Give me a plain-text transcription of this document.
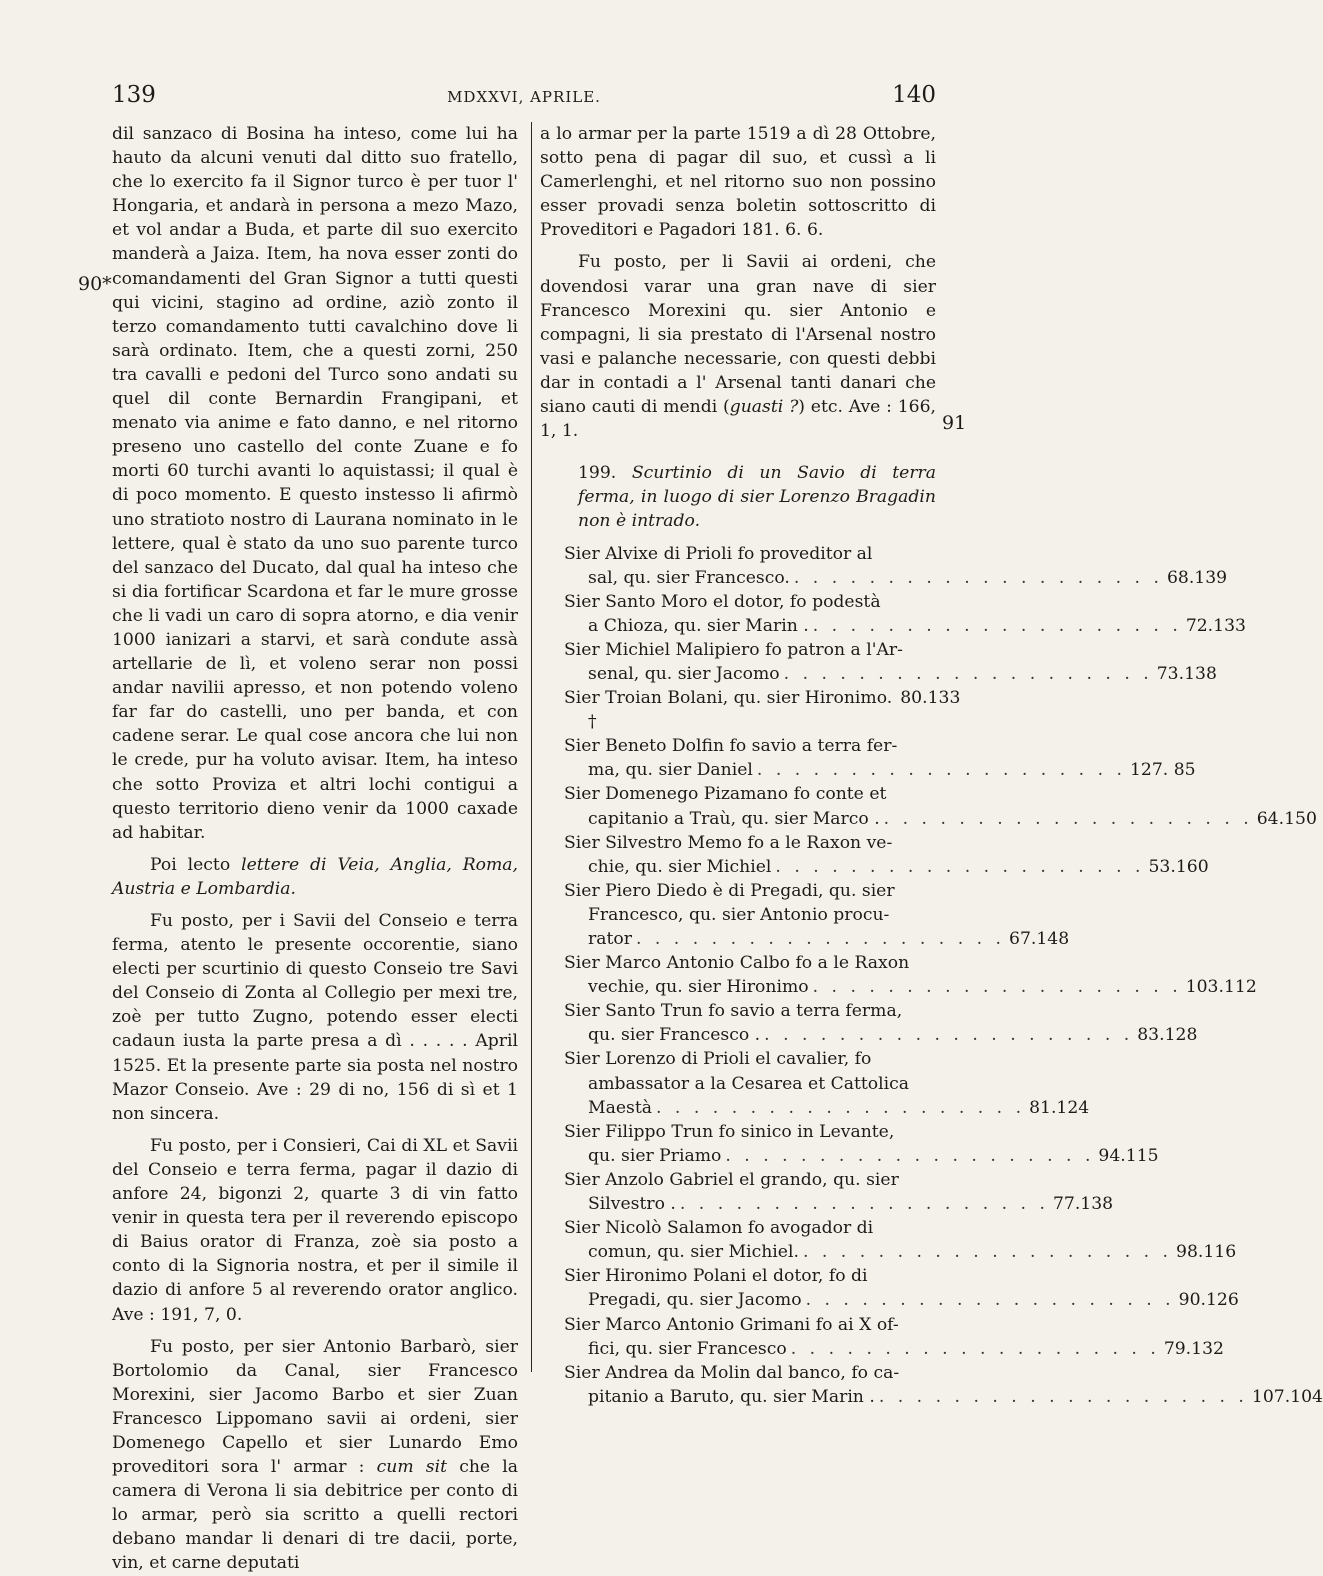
139	MDXXVI, APRILE.	140
90*
91

dil sanzaco di Bosina ha inteso, come lui ha hauto da alcuni venuti dal ditto suo fratello, che lo exercito fa il Signor turco è per tuor l' Hongaria, et andarà in persona a mezo Mazo, et vol andar a Buda, et parte dil suo exercito manderà a Jaiza. Item, ha nova esser zonti do comandamenti del Gran Signor a tutti questi qui vicini, stagino ad ordine, aziò zonto il terzo comandamento tutti cavalchino dove li sarà ordinato. Item, che a questi zorni, 250 tra cavalli e pedoni del Turco sono andati su quel dil conte Bernardin Frangipani, et menato via anime e fato danno, e nel ritorno preseno uno castello del conte Zuane e fo morti 60 turchi avanti lo aquistassi; il qual è di poco momento. E questo instesso li afirmò uno stratioto nostro di Laurana nominato in le lettere, qual è stato da uno suo parente turco del sanzaco del Ducato, dal qual ha inteso che si dia fortificar Scardona et far le mure grosse che li vadi un caro di sopra atorno, e dia venir 1000 ianizari a starvi, et sarà condute assà artellarie de lì, et voleno serar non possi andar navilii apresso, et non potendo voleno far far do castelli, uno per banda, et con cadene serar. Le qual cose ancora che lui non le crede, pur ha voluto avisar. Item, ha inteso che sotto Proviza et altri lochi contigui a questo territorio dieno venir da 1000 caxade ad habitar.

Poi lecto lettere di Veia, Anglia, Roma, Austria e Lombardia.

Fu posto, per i Savii del Conseio e terra ferma, atento le presente occorentie, siano electi per scurtinio di questo Conseio tre Savi del Conseio di Zonta al Collegio per mexi tre, zoè per tutto Zugno, potendo esser electi cadaun iusta la parte presa a dì . . . . . April 1525. Et la presente parte sia posta nel nostro Mazor Conseio. Ave : 29 di no, 156 di sì et 1 non sincera.

Fu posto, per i Consieri, Cai di XL et Savii del Conseio e terra ferma, pagar il dazio di anfore 24, bigonzi 2, quarte 3 di vin fatto venir in questa tera per il reverendo episcopo di Baius orator di Franza, zoè sia posto a conto di la Signoria nostra, et per il simile il dazio di anfore 5 al reverendo orator anglico. Ave : 191, 7, 0.

Fu posto, per sier Antonio Barbarò, sier Bortolomio da Canal, sier Francesco Morexini, sier Jacomo Barbo et sier Zuan Francesco Lippomano savii ai ordeni, sier Domenego Capello et sier Lunardo Emo proveditori sora l' armar : cum sit che la camera di Verona li sia debitrice per conto di lo armar, però sia scritto a quelli rectori debano mandar li denari di tre dacii, porte, vin, et carne deputati

a lo armar per la parte 1519 a dì 28 Ottobre, sotto pena di pagar dil suo, et cussì a li Camerlenghi, et nel ritorno suo non possino esser provadi senza boletin sottoscritto di Proveditori e Pagadori 181. 6. 6.

Fu posto, per li Savii ai ordeni, che dovendosi varar una gran nave di sier Francesco Morexini qu. sier Antonio e compagni, li sia prestato di l'Arsenal nostro vasi e palanche necessarie, con questi debbi dar in contadi a l' Arsenal tanti danari che siano cauti di mendi (guasti ?) etc. Ave : 166, 1, 1.

199. Scurtinio di un Savio di terra ferma, in luogo di sier Lorenzo Bragadin non è intrado.

Sier Alvixe di Prioli fo proveditor al
sal, qu. sier Francesco. . . . . . . . . . . . . . . . . . . . . 68.139
Sier Santo Moro el dotor, fo podestà
a Chioza, qu. sier Marin . . . . . . . . . . . . . . . . . . . . . 72.133
Sier Michiel Malipiero fo patron a l'Ar-
senal, qu. sier Jacomo . . . . . . . . . . . . . . . . . . . . 73.138
Sier Troian Bolani, qu. sier Hironimo. 80.133
†
Sier Beneto Dolfin fo savio a terra fer-
ma, qu. sier Daniel . . . . . . . . . . . . . . . . . . . . 127. 85
Sier Domenego Pizamano fo conte et
capitanio a Traù, qu. sier Marco . . . . . . . . . . . . . . . . . . . . . 64.150
Sier Silvestro Memo fo a le Raxon ve-
chie, qu. sier Michiel . . . . . . . . . . . . . . . . . . . . 53.160
Sier Piero Diedo è di Pregadi, qu. sier
Francesco, qu. sier Antonio procu-
rator . . . . . . . . . . . . . . . . . . . . 67.148
Sier Marco Antonio Calbo fo a le Raxon
vechie, qu. sier Hironimo . . . . . . . . . . . . . . . . . . . . 103.112
Sier Santo Trun fo savio a terra ferma,
qu. sier Francesco . . . . . . . . . . . . . . . . . . . . . 83.128
Sier Lorenzo di Prioli el cavalier, fo
ambassator a la Cesarea et Cattolica
Maestà . . . . . . . . . . . . . . . . . . . . 81.124
Sier Filippo Trun fo sinico in Levante,
qu. sier Priamo . . . . . . . . . . . . . . . . . . . . 94.115
Sier Anzolo Gabriel el grando, qu. sier
Silvestro . . . . . . . . . . . . . . . . . . . . . 77.138
Sier Nicolò Salamon fo avogador di
comun, qu. sier Michiel. . . . . . . . . . . . . . . . . . . . . 98.116
Sier Hironimo Polani el dotor, fo di
Pregadi, qu. sier Jacomo . . . . . . . . . . . . . . . . . . . . 90.126
Sier Marco Antonio Grimani fo ai X of-
fici, qu. sier Francesco . . . . . . . . . . . . . . . . . . . . 79.132
Sier Andrea da Molin dal banco, fo ca-
pitanio a Baruto, qu. sier Marin . . . . . . . . . . . . . . . . . . . . . 107.104
